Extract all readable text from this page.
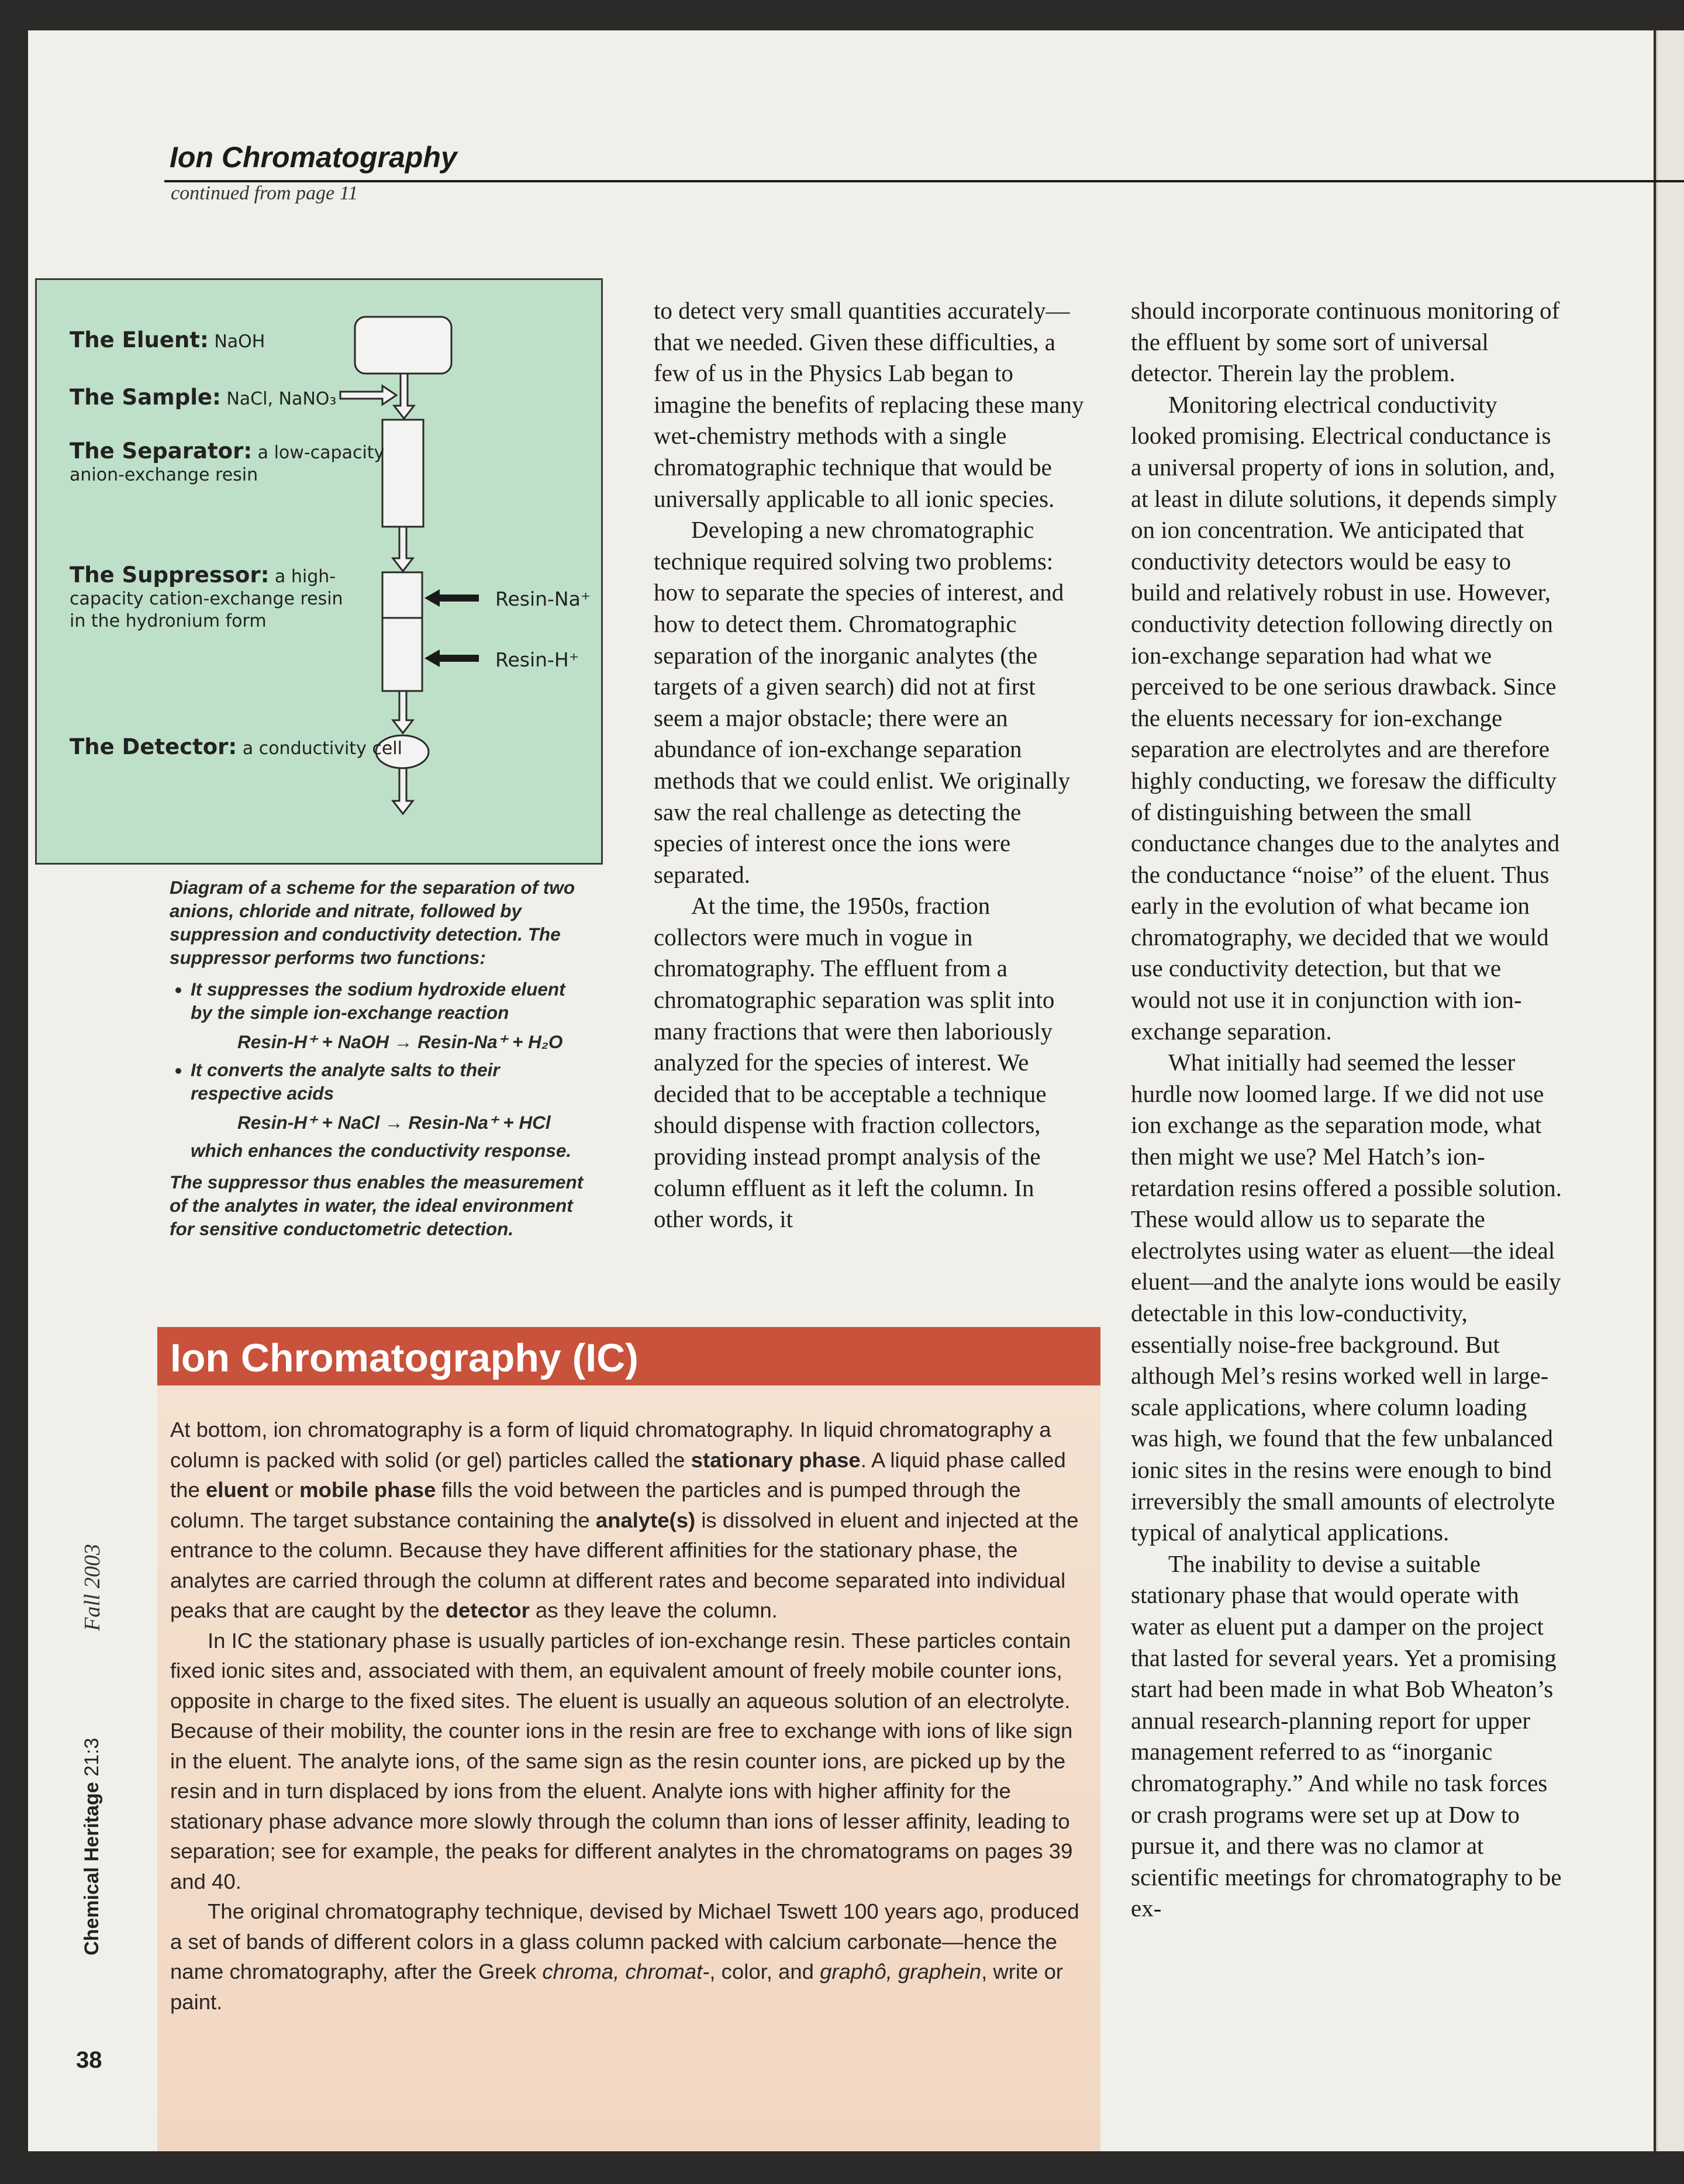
Ion Chromatography
continued from page 11
The Eluent: NaOH
The Sample: NaCl, NaNO₃
The Separator: a low-capacity
anion-exchange resin
The Suppressor: a high-
capacity cation-exchange resin
in the hydronium form
The Detector: a conductivity cell
Resin-Na⁺
Resin-H⁺

Diagram of a scheme for the separation of two anions, chloride and nitrate, followed by suppression and conductivity detection. The suppressor performs two functions:

• It suppresses the sodium hydroxide eluent by the simple ion-exchange reaction
Resin-H⁺ + NaOH → Resin-Na⁺ + H₂O
• It converts the analyte salts to their respective acids
Resin-H⁺ + NaCl → Resin-Na⁺ + HCl

which enhances the conductivity response.

The suppressor thus enables the measurement of the analytes in water, the ideal environment for sensitive conductometric detection.

to detect very small quantities accurately—that we needed. Given these difficulties, a few of us in the Physics Lab began to imagine the benefits of replacing these many wet-chemistry methods with a single chromatographic technique that would be universally applicable to all ionic species.

Developing a new chromatographic technique required solving two problems: how to separate the species of interest, and how to detect them. Chromatographic separation of the inorganic analytes (the targets of a given search) did not at first seem a major obstacle; there were an abundance of ion-exchange separation methods that we could enlist. We originally saw the real challenge as detecting the species of interest once the ions were separated.

At the time, the 1950s, fraction collectors were much in vogue in chromatography. The effluent from a chromatographic separation was split into many fractions that were then laboriously analyzed for the species of interest. We decided that to be acceptable a technique should dispense with fraction collectors, providing instead prompt analysis of the column effluent as it left the column. In other words, it

should incorporate continuous monitoring of the effluent by some sort of universal detector. Therein lay the problem.

Monitoring electrical conductivity looked promising. Electrical conductance is a universal property of ions in solution, and, at least in dilute solutions, it depends simply on ion concentration. We anticipated that conductivity detectors would be easy to build and relatively robust in use. However, conductivity detection following directly on ion-exchange separation had what we perceived to be one serious drawback. Since the eluents necessary for ion-exchange separation are electrolytes and are therefore highly conducting, we foresaw the difficulty of distinguishing between the small conductance changes due to the analytes and the conductance “noise” of the eluent. Thus early in the evolution of what became ion chromatography, we decided that we would use conductivity detection, but that we would not use it in conjunction with ion-exchange separation.

What initially had seemed the lesser hurdle now loomed large. If we did not use ion exchange as the separation mode, what then might we use? Mel Hatch’s ion-retardation resins offered a possible solution. These would allow us to separate the electrolytes using water as eluent—the ideal eluent—and the analyte ions would be easily detectable in this low-conductivity, essentially noise-free background. But although Mel’s resins worked well in large-scale applications, where column loading was high, we found that the few unbalanced ionic sites in the resins were enough to bind irreversibly the small amounts of electrolyte typical of analytical applications.

The inability to devise a suitable stationary phase that would operate with water as eluent put a damper on the project that lasted for several years. Yet a promising start had been made in what Bob Wheaton’s annual research-planning report for upper management referred to as “inorganic chromatography.” And while no task forces or crash programs were set up at Dow to pursue it, and there was no clamor at scientific meetings for chromatography to be ex-

Ion Chromatography (IC)

At bottom, ion chromatography is a form of liquid chromatography. In liquid chromatography a column is packed with solid (or gel) particles called the stationary phase. A liquid phase called the eluent or mobile phase fills the void between the particles and is pumped through the column. The target substance containing the analyte(s) is dissolved in eluent and injected at the entrance to the column. Because they have different affinities for the stationary phase, the analytes are carried through the column at different rates and become separated into individual peaks that are caught by the detector as they leave the column.

In IC the stationary phase is usually particles of ion-exchange resin. These particles contain fixed ionic sites and, associated with them, an equivalent amount of freely mobile counter ions, opposite in charge to the fixed sites. The eluent is usually an aqueous solution of an electrolyte. Because of their mobility, the counter ions in the resin are free to exchange with ions of like sign in the eluent. The analyte ions, of the same sign as the resin counter ions, are picked up by the resin and in turn displaced by ions from the eluent. Analyte ions with higher affinity for the stationary phase advance more slowly through the column than ions of lesser affinity, leading to separation; see for example, the peaks for different analytes in the chromatograms on pages 39 and 40.

The original chromatography technique, devised by Michael Tswett 100 years ago, produced a set of bands of different colors in a glass column packed with calcium carbonate—hence the name chromatography, after the Greek chroma, chromat-, color, and graphô, graphein, write or paint.

Chemical Heritage 21:3
Fall 2003
38
